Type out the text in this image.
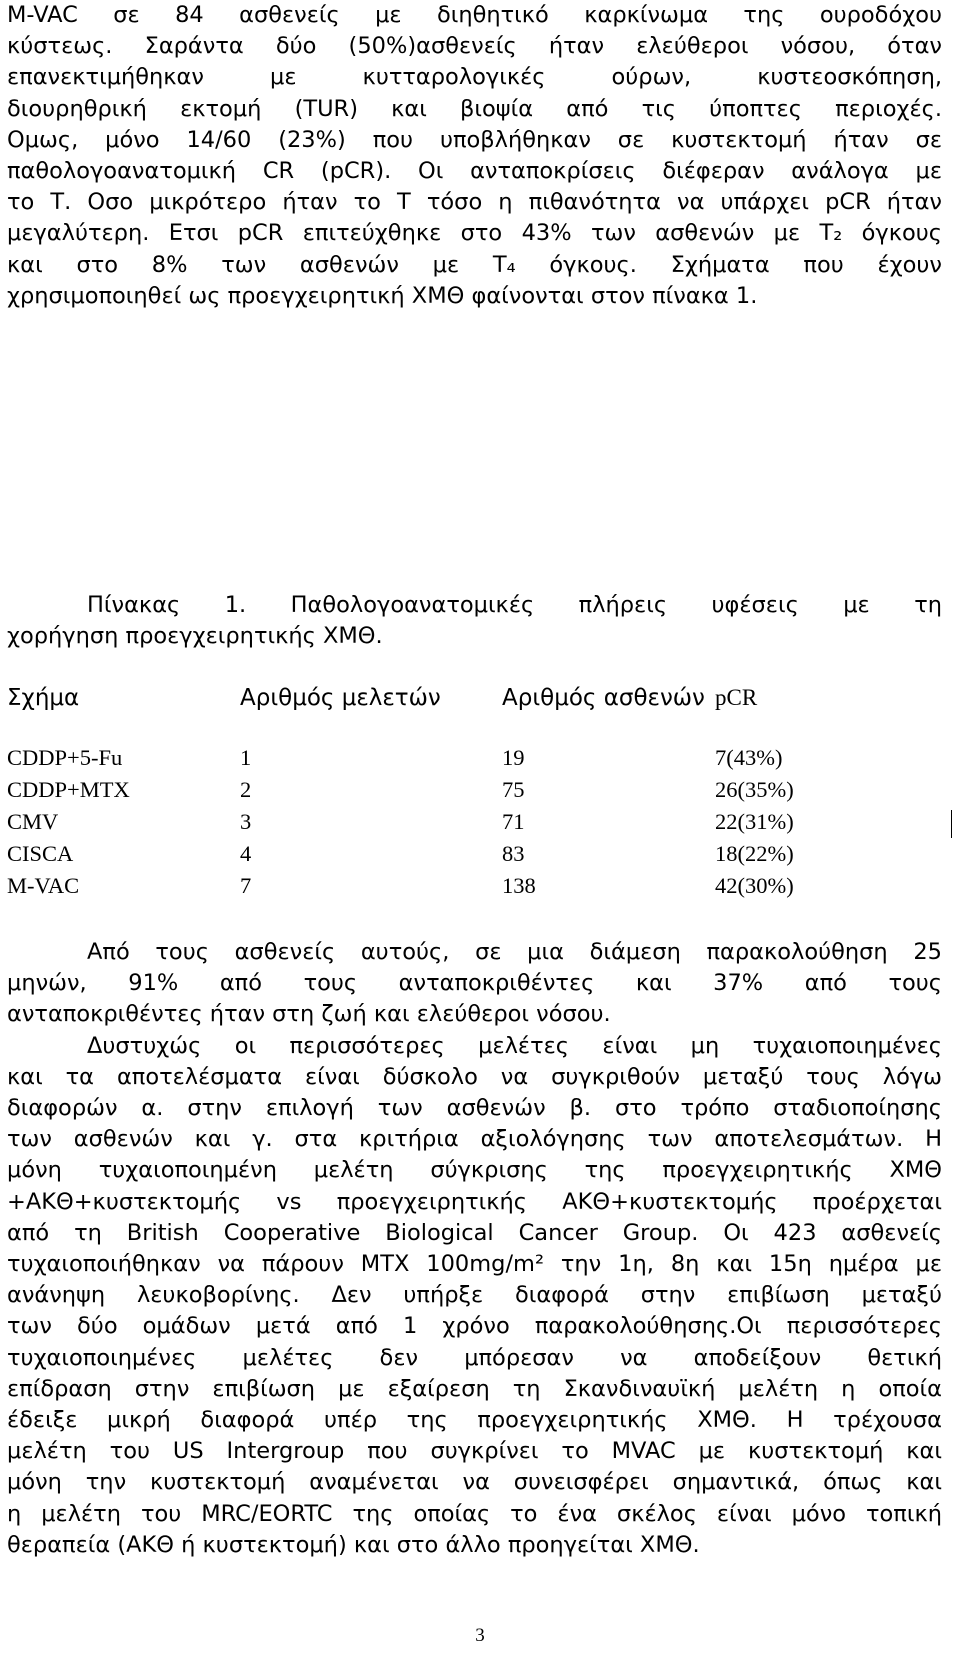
M-VAC σε 84 ασθενείς με διηθητικό καρκίνωμα της ουροδόχου

κύστεως. Σαράντα δύο (50%)ασθενείς ήταν ελεύθεροι νόσου, όταν

επανεκτιμήθηκαν με κυτταρολογικές ούρων, κυστεοσκόπηση,

διουρηθρική εκτομή (TUR) και βιοψία από τις ύποπτες περιοχές.

Ομως, μόνο 14/60 (23%) που υποβλήθηκαν σε κυστεκτομή ήταν σε

παθολογοανατομική CR (pCR). Οι ανταποκρίσεις διέφεραν ανάλογα με

το Τ. Οσο μικρότερο ήταν το Τ τόσο η πιθανότητα να υπάρχει pCR ήταν

μεγαλύτερη. Ετσι pCR επιτεύχθηκε στο 43% των ασθενών με Τ₂ όγκους

και στο 8% των ασθενών με Τ₄ όγκους. Σχήματα που έχουν

χρησιμοποιηθεί ως προεγχειρητική ΧΜΘ φαίνονται στον πίνακα 1.

Πίνακας 1. Παθολογοανατομικές πλήρεις υφέσεις με τη

χορήγηση προεγχειρητικής ΧΜΘ.

Σχήμα	Αριθμός μελετών	Αριθμός ασθενών	pCR

CDDP+5-Fu	1	19	7(43%)
CDDP+MTX	2	75	26(35%)
CMV	3	71	22(31%)
CISCA	4	83	18(22%)
M-VAC	7	138	42(30%)

Από τους ασθενείς αυτούς, σε μια διάμεση παρακολούθηση 25

μηνών, 91% από τους ανταποκριθέντες και 37% από τους

ανταποκριθέντες ήταν στη ζωή και ελεύθεροι νόσου.

Δυστυχώς οι περισσότερες μελέτες είναι μη τυχαιοποιημένες

και τα αποτελέσματα είναι δύσκολο να συγκριθούν μεταξύ τους λόγω

διαφορών α. στην επιλογή των ασθενών β. στο τρόπο σταδιοποίησης

των ασθενών και γ. στα κριτήρια αξιολόγησης των αποτελεσμάτων. Η

μόνη τυχαιοποιημένη μελέτη σύγκρισης της προεγχειρητικής ΧΜΘ

+ΑΚΘ+κυστεκτομής vs προεγχειρητικής ΑΚΘ+κυστεκτομής προέρχεται

από τη British Cooperative Biological Cancer Group. Οι 423 ασθενείς

τυχαιοποιήθηκαν να πάρουν MTX 100mg/m² την 1η, 8η και 15η ημέρα με

ανάνηψη λευκοβορίνης. Δεν υπήρξε διαφορά στην επιβίωση μεταξύ

των δύο ομάδων μετά από 1 χρόνο παρακολούθησης.Οι περισσότερες

τυχαιοποιημένες μελέτες δεν μπόρεσαν να αποδείξουν θετική

επίδραση στην επιβίωση με εξαίρεση τη Σκανδιναυϊκή μελέτη η οποία

έδειξε μικρή διαφορά υπέρ της προεγχειρητικής ΧΜΘ. Η τρέχουσα

μελέτη του US Intergroup που συγκρίνει το MVAC με κυστεκτομή και

μόνη την κυστεκτομή αναμένεται να συνεισφέρει σημαντικά, όπως και

η μελέτη του MRC/EORTC της οποίας το ένα σκέλος είναι μόνο τοπική

θεραπεία (ΑΚΘ ή κυστεκτομή) και στο άλλο προηγείται ΧΜΘ.

3
